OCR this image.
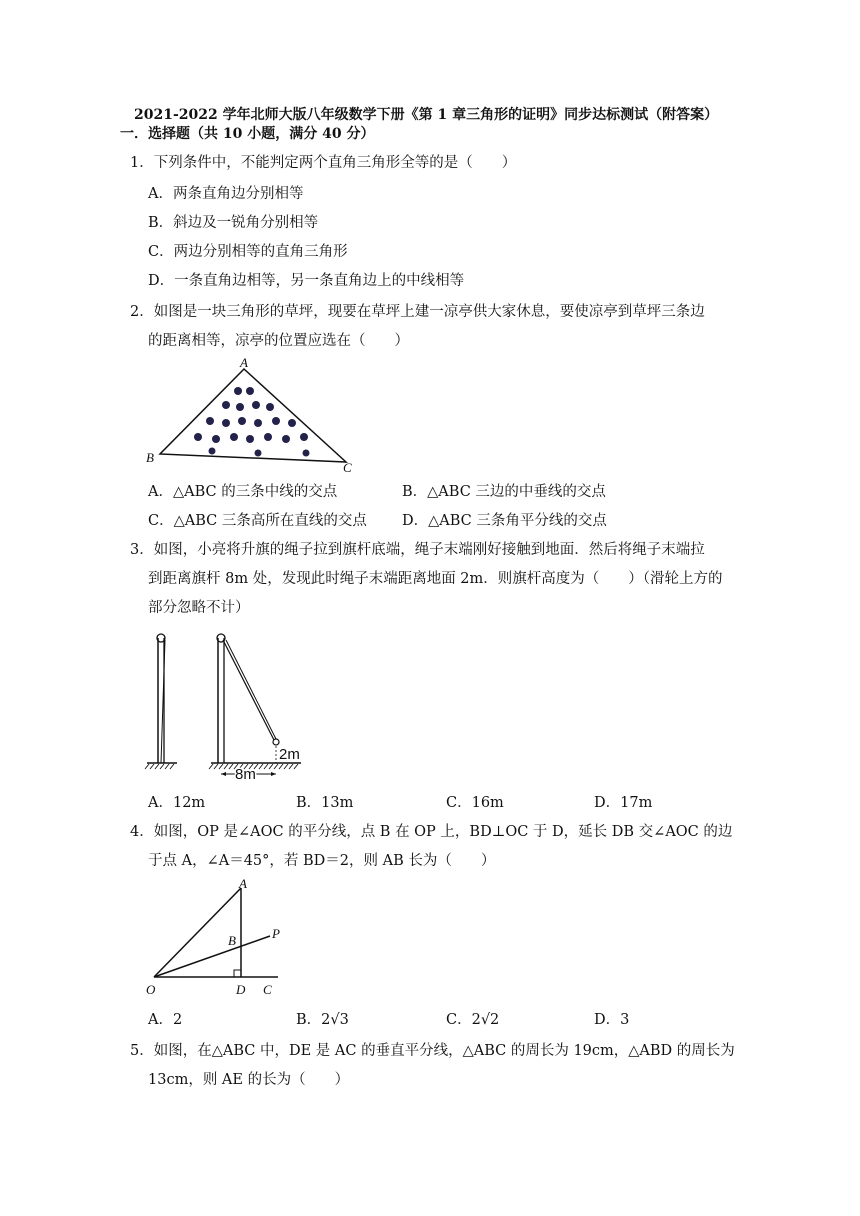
2021-2022 学年北师大版八年级数学下册《第 1 章三角形的证明》同步达标测试（附答案）
一．选择题（共 10 小题，满分 40 分）
1．下列条件中，不能判定两个直角三角形全等的是（　　）
A．两条直角边分别相等
B．斜边及一锐角分别相等
C．两边分别相等的直角三角形
D．一条直角边相等，另一条直角边上的中线相等
2．如图是一块三角形的草坪，现要在草坪上建一凉亭供大家休息，要使凉亭到草坪三条边
的距离相等，凉亭的位置应选在（　　）
A
B
C
A．△ABC 的三条中线的交点	B．△ABC 三边的中垂线的交点
C．△ABC 三条高所在直线的交点 D．△ABC 三条角平分线的交点
3．如图，小亮将升旗的绳子拉到旗杆底端，绳子末端刚好接触到地面．然后将绳子末端拉
到距离旗杆 8m 处，发现此时绳子末端距离地面 2m．则旗杆高度为（　　）（滑轮上方的
部分忽略不计）
8m
2m
A．12m	B．13m	C．16m	D．17m
4．如图，OP 是∠AOC 的平分线，点 B 在 OP 上，BD⊥OC 于 D，延长 DB 交∠AOC 的边
于点 A，∠A＝45°，若 BD＝2，则 AB 长为（　　）
A
B	P
O	D C
A．2	B．2√3	C．2√2	D．3
5．如图，在△ABC 中，DE 是 AC 的垂直平分线，△ABC 的周长为 19cm，△ABD 的周长为
13cm，则 AE 的长为（　　）
